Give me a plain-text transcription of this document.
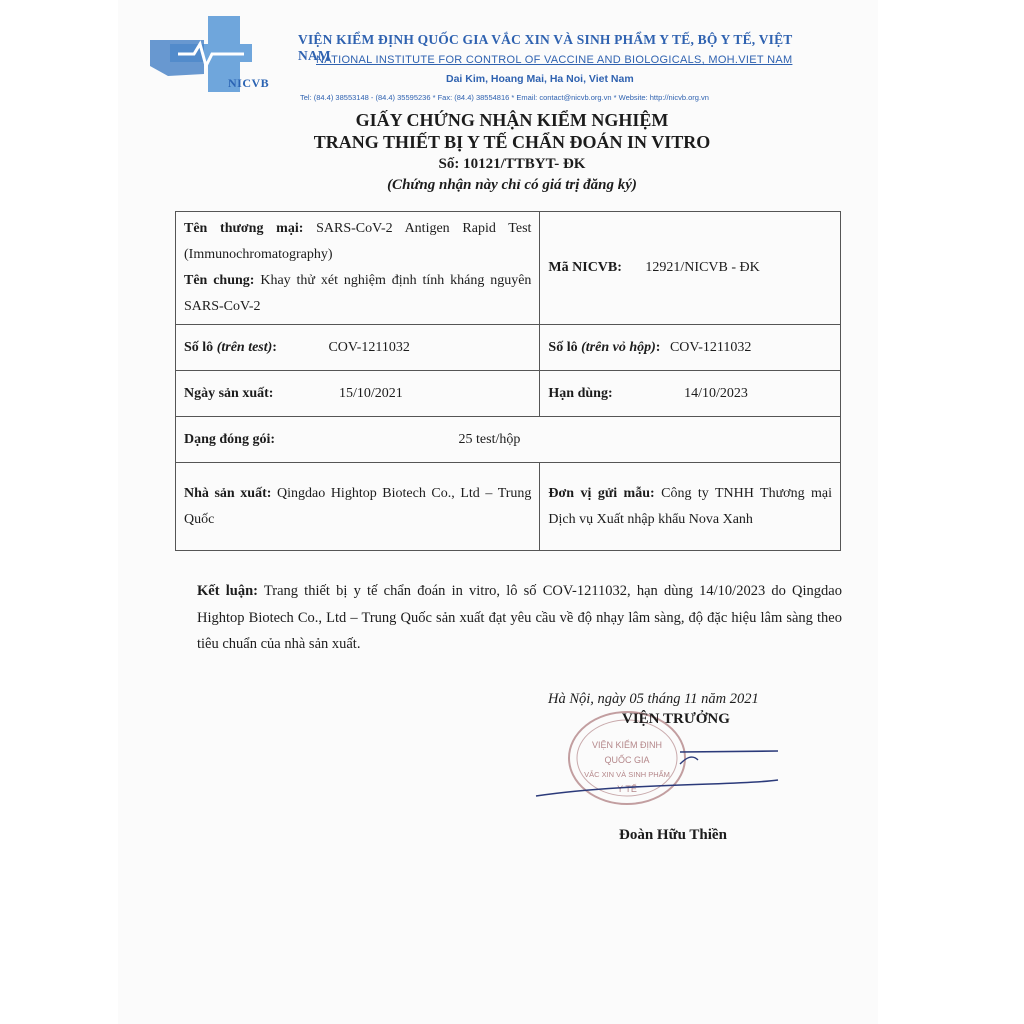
NICVB
VIỆN KIỂM ĐỊNH QUỐC GIA VẮC XIN VÀ SINH PHẨM Y TẾ, BỘ Y TẾ, VIỆT NAM
NATIONAL INSTITUTE FOR CONTROL OF VACCINE AND BIOLOGICALS, MOH.VIET NAM
Dai Kim, Hoang Mai, Ha Noi, Viet Nam
Tel: (84.4) 38553148 - (84.4) 35595236 * Fax: (84.4) 38554816 * Email: contact@nicvb.org.vn * Website: http://nicvb.org.vn
GIẤY CHỨNG NHẬN KIỂM NGHIỆM
TRANG THIẾT BỊ Y TẾ CHẨN ĐOÁN IN VITRO
Số: 10121/TTBYT- ĐK
(Chứng nhận này chỉ có giá trị đăng ký)
Tên thương mại: SARS-CoV-2 Antigen Rapid Test (Immunochromatography)
Tên chung: Khay thử xét nghiệm định tính kháng nguyên SARS-CoV-2	Mã NICVB: 12921/NICVB - ĐK
Số lô (trên test): COV-1211032	Số lô (trên vỏ hộp): COV-1211032
Ngày sản xuất: 15/10/2021	Hạn dùng: 14/10/2023
Dạng đóng gói: 25 test/hộp	
Nhà sản xuất: Qingdao Hightop Biotech Co., Ltd – Trung Quốc	Đơn vị gửi mẫu: Công ty TNHH Thương mại Dịch vụ Xuất nhập khẩu Nova Xanh
Kết luận: Trang thiết bị y tế chẩn đoán in vitro, lô số COV-1211032, hạn dùng 14/10/2023 do Qingdao Hightop Biotech Co., Ltd – Trung Quốc sản xuất đạt yêu cầu về độ nhạy lâm sàng, độ đặc hiệu lâm sàng theo tiêu chuẩn của nhà sản xuất.
Hà Nội, ngày 05 tháng 11 năm 2021
VIỆN KIỂM ĐỊNH
QUỐC GIA
VẮC XIN VÀ SINH PHẨM
Y TẾ
VIỆN TRƯỞNG
Đoàn Hữu Thiền
